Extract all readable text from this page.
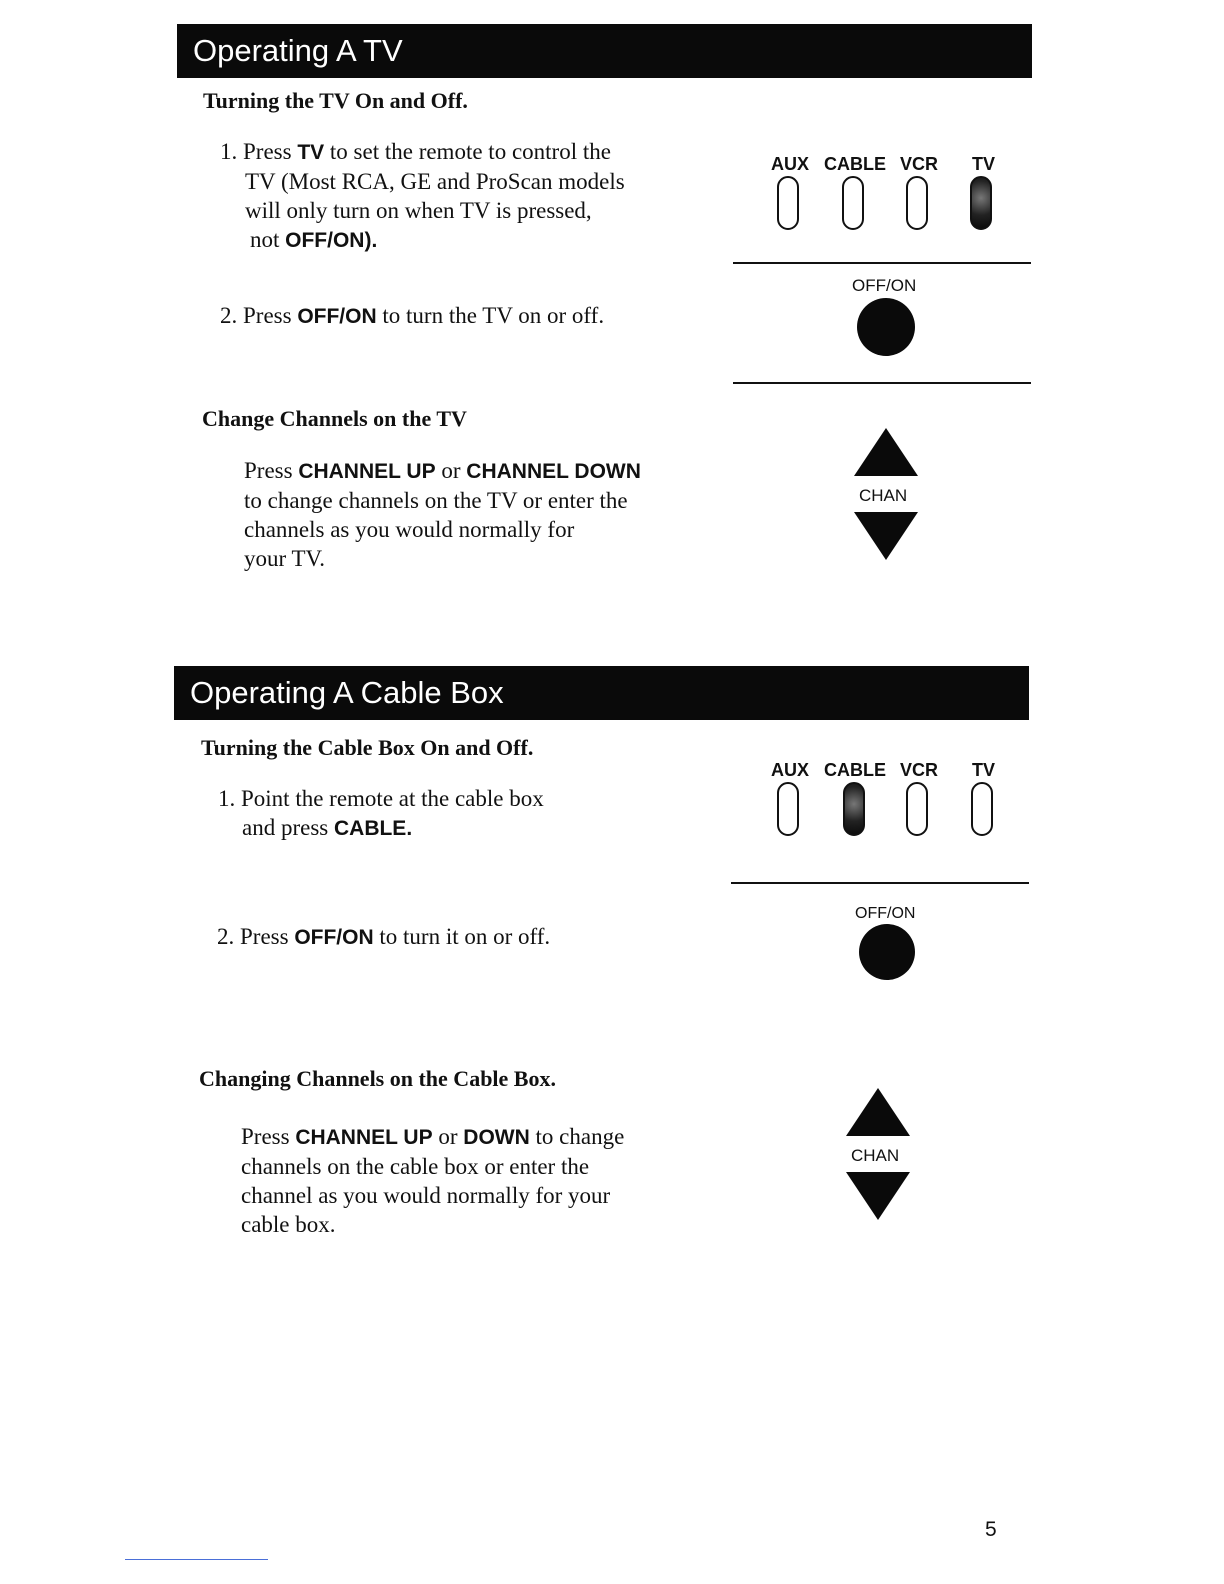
Operating A TV
Turning the TV On and Off.
1. Press TV to set the remote to control the
TV (Most RCA, GE and ProScan models
will only turn on when TV is pressed,
not OFF/ON).
2. Press OFF/ON to turn the TV on or off.
Change Channels on the TV
Press CHANNEL UP or CHANNEL DOWN
to change channels on the TV or enter the
channels as you would normally for
your TV.
AUX CABLE VCR TV
OFF/ON
CHAN
Operating A Cable Box
Turning the Cable Box On and Off.
1. Point the remote at the cable box
and press CABLE.
2. Press OFF/ON to turn it on or off.
Changing Channels on the Cable Box.
Press CHANNEL UP or DOWN to change
channels on the cable box or enter the
channel as you would normally for your
cable box.
AUX CABLE VCR TV
OFF/ON
CHAN
5
